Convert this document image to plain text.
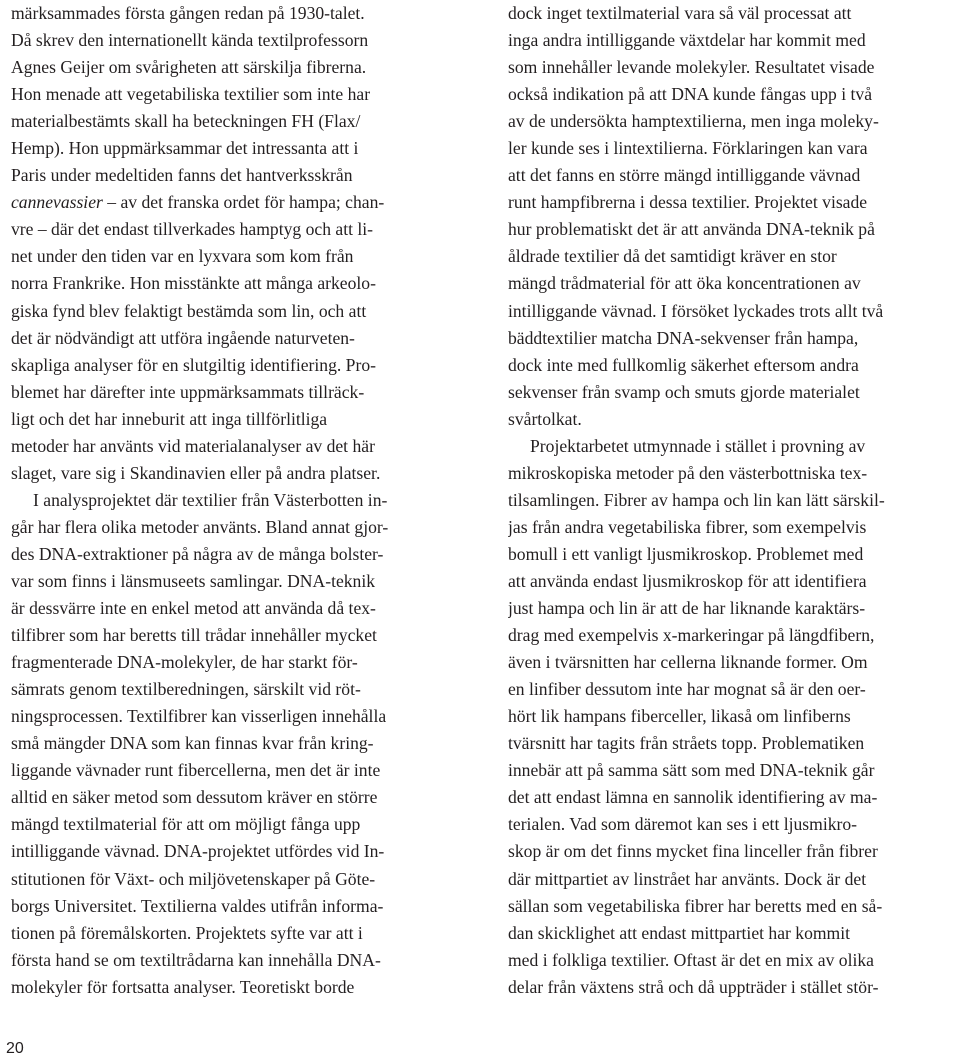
märksammades första gången redan på 1930-talet.
Då skrev den internationellt kända textilprofessorn
Agnes Geijer om svårigheten att särskilja fibrerna.
Hon menade att vegetabiliska textilier som inte har
materialbestämts skall ha beteckningen FH (Flax/
Hemp). Hon uppmärksammar det intressanta att i
Paris under medeltiden fanns det hantverksskrån
cannevassier – av det franska ordet för hampa; chan-
vre – där det endast tillverkades hamptyg och att li-
net under den tiden var en lyxvara som kom från
norra Frankrike. Hon misstänkte att många arkeolo-
giska fynd blev felaktigt bestämda som lin, och att
det är nödvändigt att utföra ingående naturveten-
skapliga analyser för en slutgiltig identifiering. Pro-
blemet har därefter inte uppmärksammats tillräck-
ligt och det har inneburit att inga tillförlitliga
metoder har använts vid materialanalyser av det här
slaget, vare sig i Skandinavien eller på andra platser.
I analysprojektet där textilier från Västerbotten in-
går har flera olika metoder använts. Bland annat gjor-
des DNA-extraktioner på några av de många bolster-
var som finns i länsmuseets samlingar. DNA-teknik
är dessvärre inte en enkel metod att använda då tex-
tilfibrer som har beretts till trådar innehåller mycket
fragmenterade DNA-molekyler, de har starkt för-
sämrats genom textilberedningen, särskilt vid röt-
ningsprocessen. Textilfibrer kan visserligen innehålla
små mängder DNA som kan finnas kvar från kring-
liggande vävnader runt fibercellerna, men det är inte
alltid en säker metod som dessutom kräver en större
mängd textilmaterial för att om möjligt fånga upp
intilliggande vävnad. DNA-projektet utfördes vid In-
stitutionen för Växt- och miljövetenskaper på Göte-
borgs Universitet. Textilierna valdes utifrån informa-
tionen på föremålskorten. Projektets syfte var att i
första hand se om textiltrådarna kan innehålla DNA-
molekyler för fortsatta analyser. Teoretiskt borde
dock inget textilmaterial vara så väl processat att
inga andra intilliggande växtdelar har kommit med
som innehåller levande molekyler. Resultatet visade
också indikation på att DNA kunde fångas upp i två
av de undersökta hamptextilierna, men inga moleky-
ler kunde ses i lintextilierna. Förklaringen kan vara
att det fanns en större mängd intilliggande vävnad
runt hampfibrerna i dessa textilier. Projektet visade
hur problematiskt det är att använda DNA-teknik på
åldrade textilier då det samtidigt kräver en stor
mängd trådmaterial för att öka koncentrationen av
intilliggande vävnad. I försöket lyckades trots allt två
bäddtextilier matcha DNA-sekvenser från hampa,
dock inte med fullkomlig säkerhet eftersom andra
sekvenser från svamp och smuts gjorde materialet
svårtolkat.
Projektarbetet utmynnade i stället i provning av
mikroskopiska metoder på den västerbottniska tex-
tilsamlingen. Fibrer av hampa och lin kan lätt särskil-
jas från andra vegetabiliska fibrer, som exempelvis
bomull i ett vanligt ljusmikroskop. Problemet med
att använda endast ljusmikroskop för att identifiera
just hampa och lin är att de har liknande karaktärs-
drag med exempelvis x-markeringar på längdfibern,
även i tvärsnitten har cellerna liknande former. Om
en linfiber dessutom inte har mognat så är den oer-
hört lik hampans fiberceller, likaså om linfiberns
tvärsnitt har tagits från stråets topp. Problematiken
innebär att på samma sätt som med DNA-teknik går
det att endast lämna en sannolik identifiering av ma-
terialen. Vad som däremot kan ses i ett ljusmikro-
skop är om det finns mycket fina linceller från fibrer
där mittpartiet av linstrået har använts. Dock är det
sällan som vegetabiliska fibrer har beretts med en så-
dan skicklighet att endast mittpartiet har kommit
med i folkliga textilier. Oftast är det en mix av olika
delar från växtens strå och då uppträder i stället stör-
20
